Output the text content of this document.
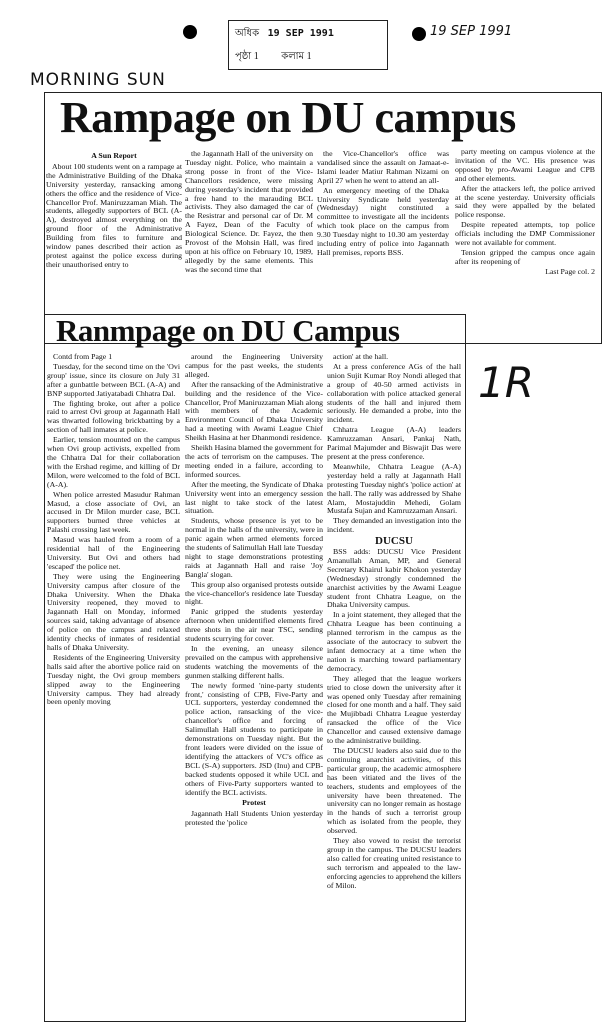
অধিক 19 SEP 1991
পৃষ্ঠা 1 কলাম 1
19 SEP 1991
MORNING SUN
1R
Rampage on DU campus

A Sun Report

About 100 students went on a rampage at the Administrative Building of the Dhaka University yesterday, ransacking among others the office and the residence of Vice-Chancellor Prof. Maniruzzaman Miah. The students, allegedly supporters of BCL (A-A), destroyed almost everything on the ground floor of the Administrative Building from files to furniture and window panes described their action as protest against the police excess during their unauthorised entry to

the Jagannath Hall of the university on Tuesday night. Police, who maintain a strong posse in front of the Vice-Chancellors residence, were missing during yesterday's incident that provided a free hand to the marauding BCL activists. They also damaged the car of the Resistrar and personal car of Dr. M A Fayez, Dean of the Faculty of Biological Science. Dr. Fayez, the then Provost of the Mohsin Hall, was fired upon at his office on February 10, 1989, allegedly by the same elements. This was the second time that

the Vice-Chancellor's office was vandalised since the assault on Jamaat-e-Islami leader Matiur Rahman Nizami on April 27 when he went to attend an all-

An emergency meeting of the Dhaka University Syndicate held yesterday (Wednesday) night constituted a committee to investigate all the incidents which took place on the campus from 9.30 Tuesday night to 10.30 am yesterday including entry of police into Jagannath Hall premises, reports BSS.

party meeting on campus violence at the invitation of the VC. His presence was opposed by pro-Awami League and CPB and other elements.

After the attackers left, the police arrived at the scene yesterday. University officials said they were appalled by the belated police response.

Despite repeated attempts, top police officials including the DMP Commissioner were not available for comment.

Tension gripped the campus once again after its reopening of

Last Page col. 2

Ranmpage on DU Campus

Contd from Page 1

Tuesday, for the second time on the 'Ovi group' issue, since its closure on July 31 after a gunbattle between BCL (A-A) and BNP supported Jatiyatabadi Chhatra Dal.

The fighting broke, out after a police raid to arrest Ovi group at Jagannath Hall was thwarted following brickbatting by a section of hall inmates at police.

Earlier, tension mounted on the campus when Ovi group activists, expelled from the Chhatra Dal for their collaboration with the Ershad regime, and killing of Dr Milon, were welcomed to the fold of BCL (A-A).

When police arrested Masudur Rahman Masud, a close associate of Ovi, an accused in Dr Milon murder case, BCL supporters burned three vehicles at Palashi crossing last week.

Masud was hauled from a room of a residential hall of the Engineering University. But Ovi and others had 'escaped' the police net.

They were using the Engineering University campus after closure of the Dhaka University. When the Dhaka University reopened, they moved to Jagannath Hall on Monday, informed sources said, taking advantage of absence of police on the campus and relaxed identity checks of inmates of residential halls of Dhaka University.

Residents of the Engineering University halls said after the abortive police raid on Tuesday night, the Ovi group members slipped away to the Engineering University campus. They had already been openly moving

around the Engineering University campus for the past weeks, the students alleged.

After the ransacking of the Administrative building and the residence of the Vice-Chancellor, Prof Maniruzzaman Miah along with members of the Academic Environment Council of Dhaka University had a meeting with Awami League Chief Sheikh Hasina at her Dhanmondi residence.

Sheikh Hasina blamed the government for the acts of terrorism on the campuses. The meeting ended in a failure, according to informed sources.

After the meeting, the Syndicate of Dhaka University went into an emergency session last night to take stock of the latest situation.

Students, whose presence is yet to be normal in the halls of the university, were in panic again when armed elements forced the students of Salimullah Hall late Tuesday night to stage demonstrations protesting raids at Jagannath Hall and raise 'Joy Bangla' slogan.

This group also organised protests outside the vice-chancellor's residence late Tuesday night.

Panic gripped the students yesterday afternoon when unidentified elements fired three shots in the air near TSC, sending students scurrying for cover.

In the evening, an uneasy silence prevailed on the campus with apprehensive students watching the movements of the gunmen stalking different halls.

The newly formed 'nine-party students front,' consisting of CPB, Five-Party and UCL supporters, yesterday condemned the police action, ransacking of the vice-chancellor's office and forcing of Salimullah Hall students to participate in demonstrations on Tuesday night. But the front leaders were divided on the issue of identifying the attackers of VC's office as BCL (S-A) supporters. JSD (Inu) and CPB-backed students opposed it while UCL and others of Five-Party supporters wanted to identify the BCL activists.

Protest

Jagannath Hall Students Union yesterday protested the 'police

action' at the hall.

At a press conference AGs of the hall union Sujit Kumar Roy Nondi alleged that a group of 40-50 armed activists in collaboration with police attacked general students of the hall and injured them seriously. He demanded a probe, into the incident.

Chhatra League (A-A) leaders Kamruzzaman Ansari, Pankaj Nath, Parimal Majumder and Biswajit Das were present at the press conference.

Meanwhile, Chhatra League (A-A) yesterday held a rally at Jagannath Hall protesting Tuesday night's 'police action' at the hall. The rally was addressed by Shahe Alam, Mostajuddin Mehedi, Golam Mustafa Sujan and Kamruzzaman Ansari.

They demanded an investigation into the incident.

DUCSU

BSS adds: DUCSU Vice President Amanullah Aman, MP, and General Secretary Khairul kabir Khokon yesterday (Wednesday) strongly condemned the anarchist activities by the Awami League student front Chhatra League, on the Dhaka University campus.

In a joint statement, they alleged that the Chhatra League has been continuing a planned terrorism in the campus as the associate of the autocracy to subvert the infant democracy at a time when the nation is marching toward parliamentary democracy.

They alleged that the league workers tried to close down the university after it was opened only Tuesday after remaining closed for one month and a half. They said the Mujibbadi Chhatra League yesterday ransacked the office of the Vice Chancellor and caused extensive damage to the administrative building.

The DUCSU leaders also said due to the continuing anarchist activities, of this particular group, the academic atmosphere has been vitiated and the lives of the teachers, students and employees of the university have been threatened. The university can no longer remain as hostage in the hands of such a terrorist group which as isolated from the people, they observed.

They also vowed to resist the terrorist group in the campus. The DUCSU leaders also called for creating united resistance to such terrorism and appealed to the law-enforcing agencies to apprehend the killers of Milon.
